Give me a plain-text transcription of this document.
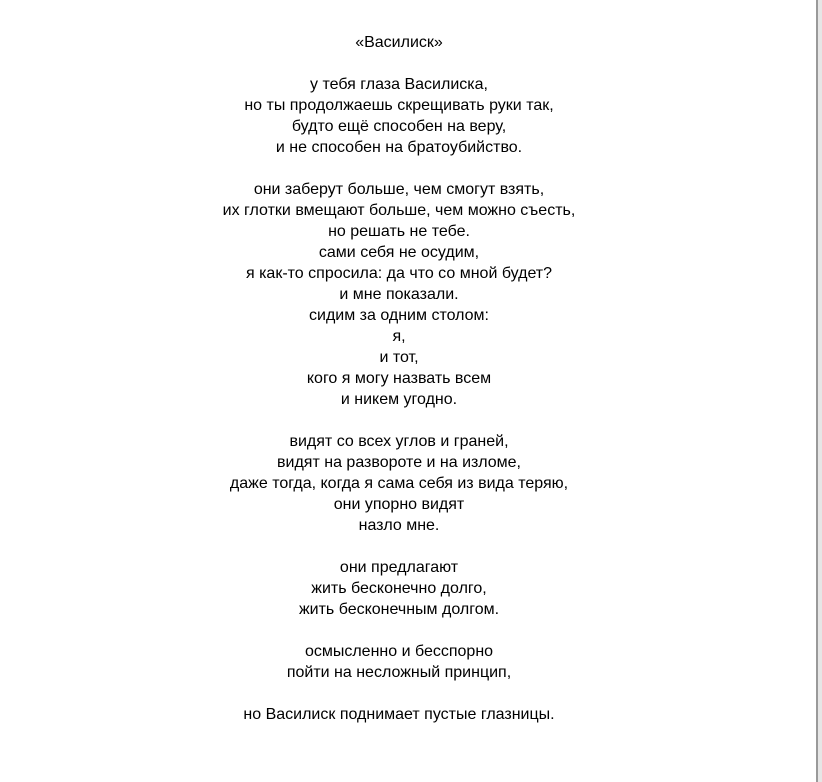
«Василиск»
у тебя глаза Василиска,
но ты продолжаешь скрещивать руки так,
будто ещё способен на веру,
и не способен на братоубийство.
они заберут больше, чем смогут взять,
их глотки вмещают больше, чем можно съесть,
но решать не тебе.
сами себя не осудим,
я как-то спросила: да что со мной будет?
и мне показали.
сидим за одним столом:
я,
и тот,
кого я могу назвать всем
и никем угодно.
видят со всех углов и граней,
видят на развороте и на изломе,
даже тогда, когда я сама себя из вида теряю,
они упорно видят
назло мне.
они предлагают
жить бесконечно долго,
жить бесконечным долгом.
осмысленно и бесспорно
пойти на несложный принцип,
но Василиск поднимает пустые глазницы.
